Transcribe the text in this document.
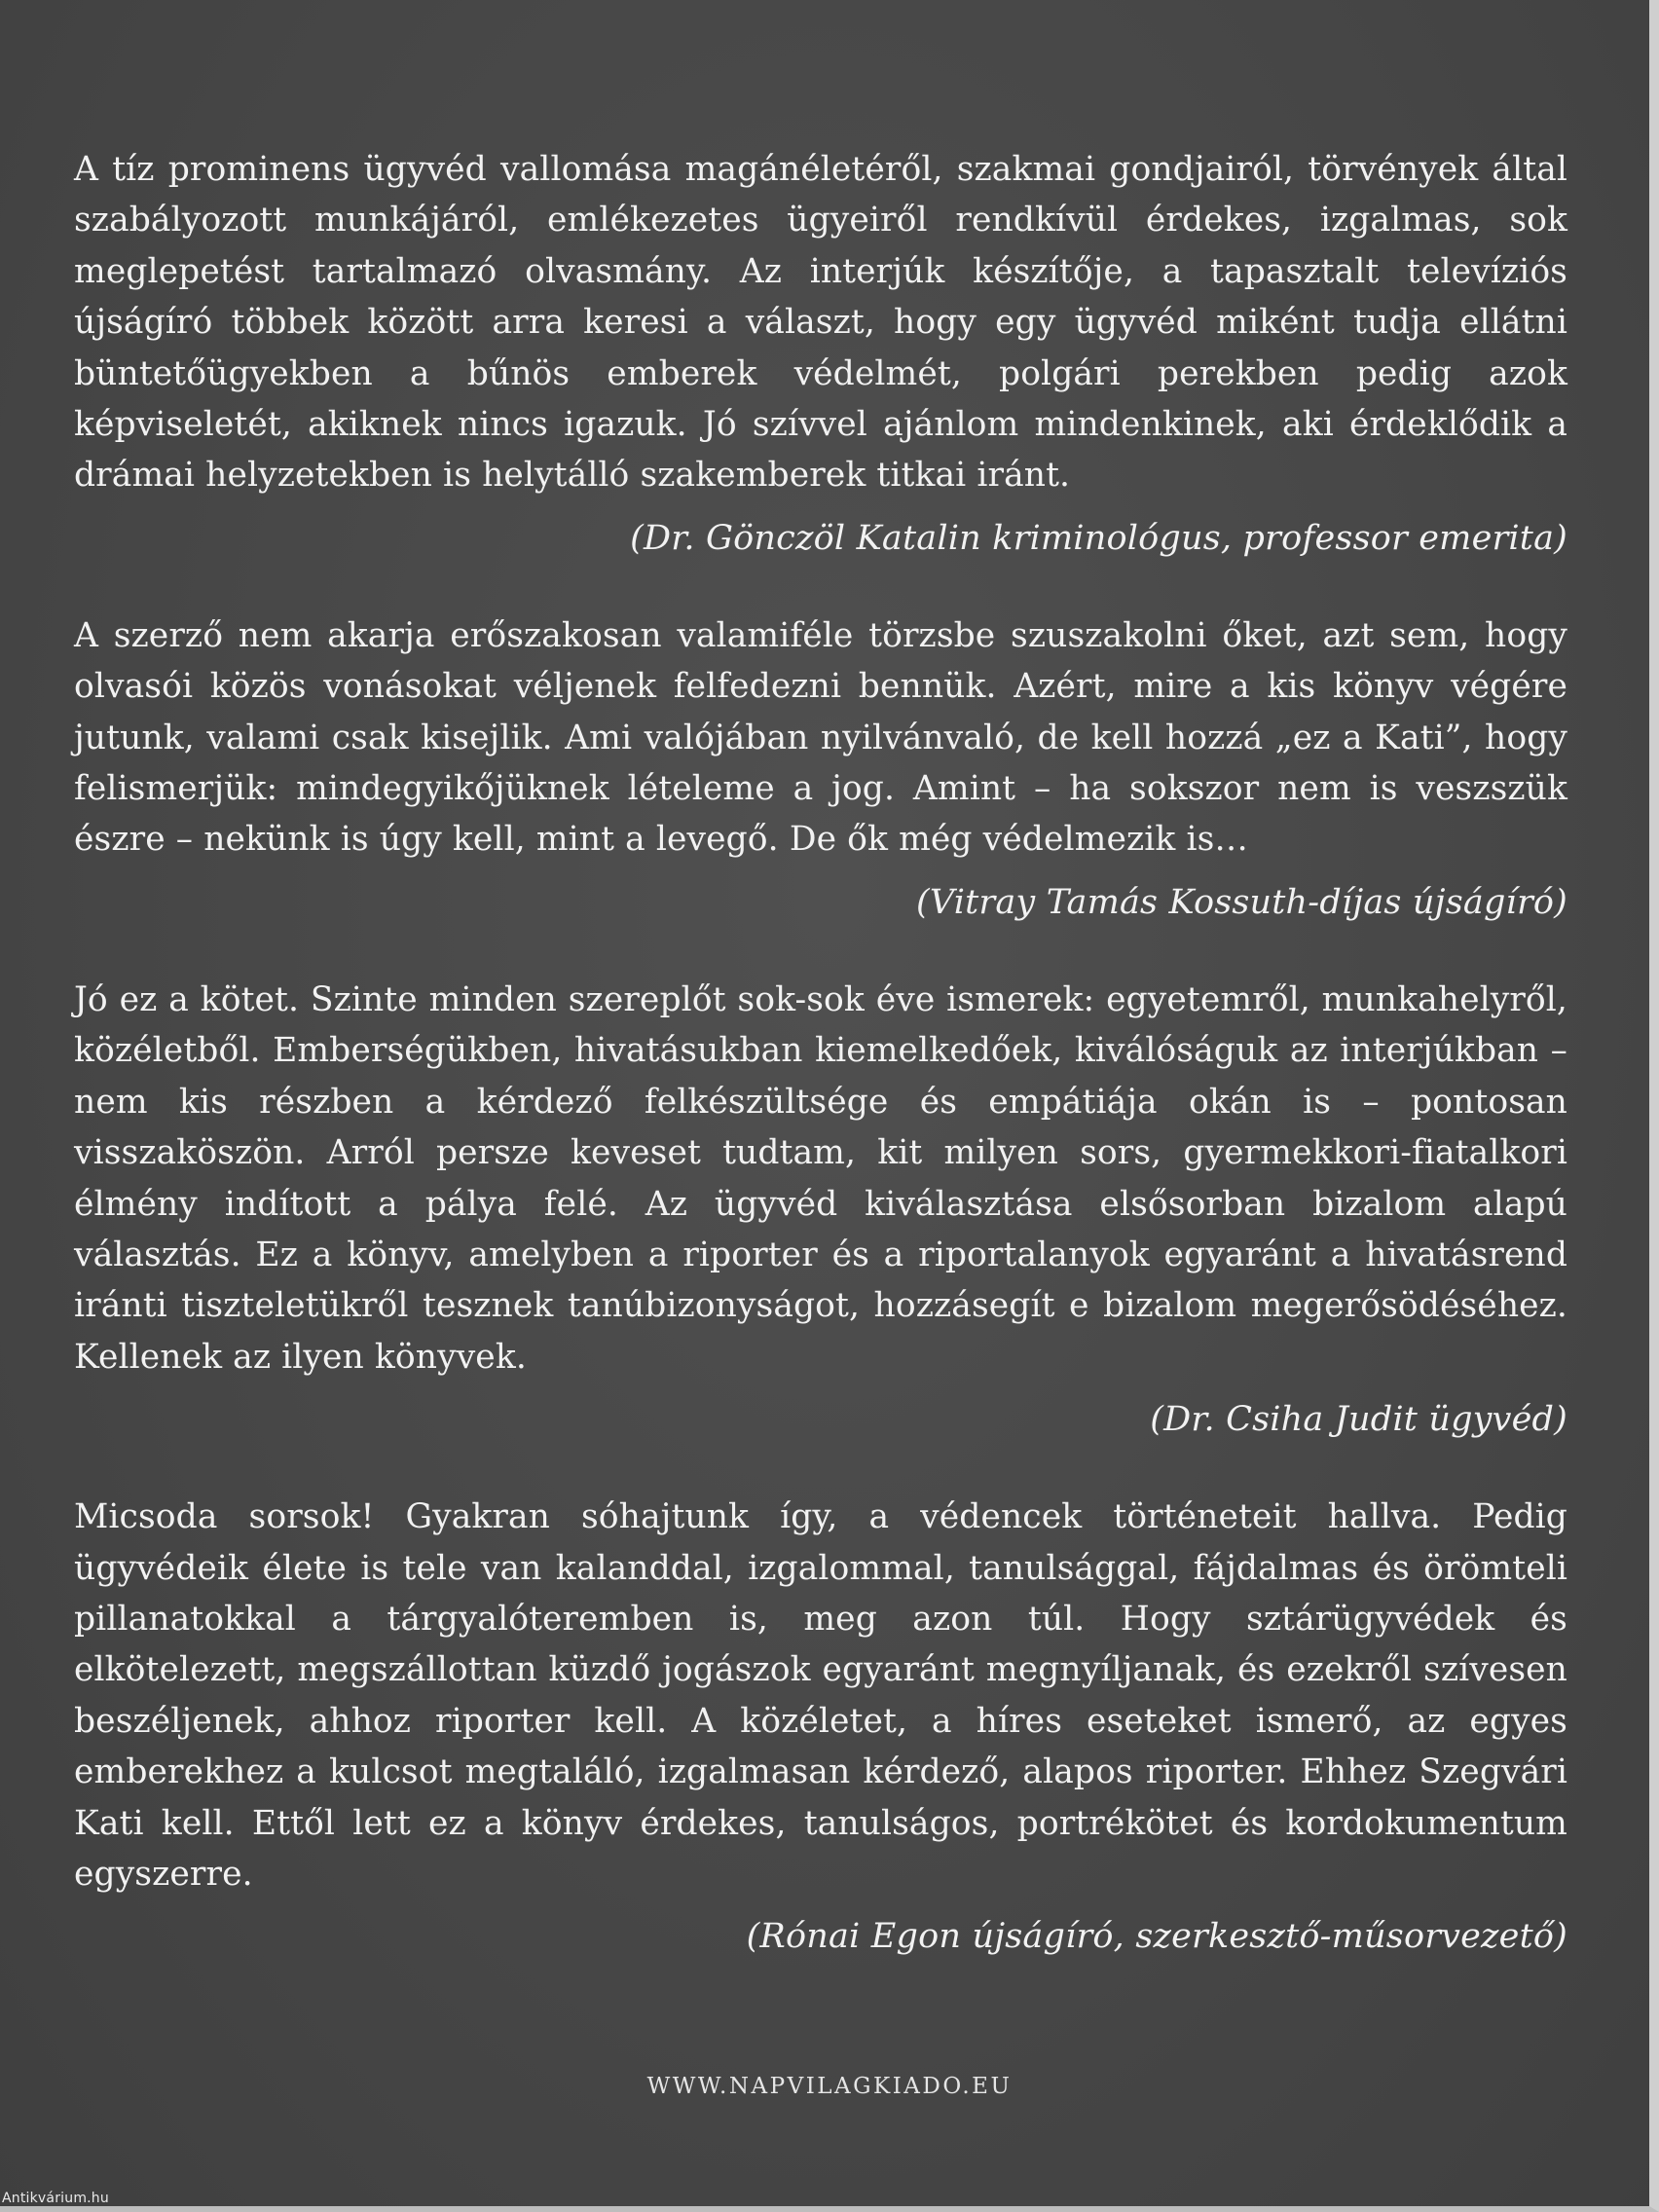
A tíz prominens ügyvéd vallomása magánéletéről, szakmai gondjairól, törvények által szabályozott munkájáról, emlékezetes ügyeiről rendkívül érdekes, izgalmas, sok meglepetést tartalmazó olvasmány. Az interjúk készítője, a tapasztalt televíziós újságíró többek között arra keresi a választ, hogy egy ügyvéd miként tudja ellátni büntetőügyekben a bűnös emberek védelmét, polgári perekben pedig azok képviseletét, akiknek nincs igazuk. Jó szívvel ajánlom mindenkinek, aki érdeklődik a drámai helyzetekben is helytálló szakemberek titkai iránt.

(Dr. Gönczöl Katalin kriminológus, professor emerita)

A szerző nem akarja erőszakosan valamiféle törzsbe szuszakolni őket, azt sem, hogy olvasói közös vonásokat véljenek felfedezni bennük. Azért, mire a kis könyv végére jutunk, valami csak kisejlik. Ami valójában nyilvánvaló, de kell hozzá „ez a Kati”, hogy felismerjük: mindegyikőjüknek lételeme a jog. Amint – ha sokszor nem is veszszük észre – nekünk is úgy kell, mint a levegő. De ők még védelmezik is…

(Vitray Tamás Kossuth-díjas újságíró)

Jó ez a kötet. Szinte minden szereplőt sok-sok éve ismerek: egyetemről, munkahelyről, közéletből. Emberségükben, hivatásukban kiemelkedőek, kiválóságuk az interjúkban – nem kis részben a kérdező felkészültsége és empátiája okán is – pontosan visszaköszön. Arról persze keveset tudtam, kit milyen sors, gyermekkori-fiatalkori élmény indított a pálya felé. Az ügyvéd kiválasztása elsősorban bizalom alapú választás. Ez a könyv, amelyben a riporter és a riportalanyok egyaránt a hivatásrend iránti tiszteletükről tesznek tanúbizonyságot, hozzásegít e bizalom megerősödéséhez. Kellenek az ilyen könyvek.

(Dr. Csiha Judit ügyvéd)

Micsoda sorsok! Gyakran sóhajtunk így, a védencek történeteit hallva. Pedig ügyvédeik élete is tele van kalanddal, izgalommal, tanulsággal, fájdalmas és örömteli pillanatokkal a tárgyalóteremben is, meg azon túl. Hogy sztárügyvédek és elkötelezett, megszállottan küzdő jogászok egyaránt megnyíljanak, és ezekről szívesen beszéljenek, ahhoz riporter kell. A közéletet, a híres eseteket ismerő, az egyes emberekhez a kulcsot megtaláló, izgalmasan kérdező, alapos riporter. Ehhez Szegvári Kati kell. Ettől lett ez a könyv érdekes, tanulságos, portrékötet és kordokumentum egyszerre.

(Rónai Egon újságíró, szerkesztő-műsorvezető)
WWW.NAPVILAGKIADO.EU
Antikvárium.hu
